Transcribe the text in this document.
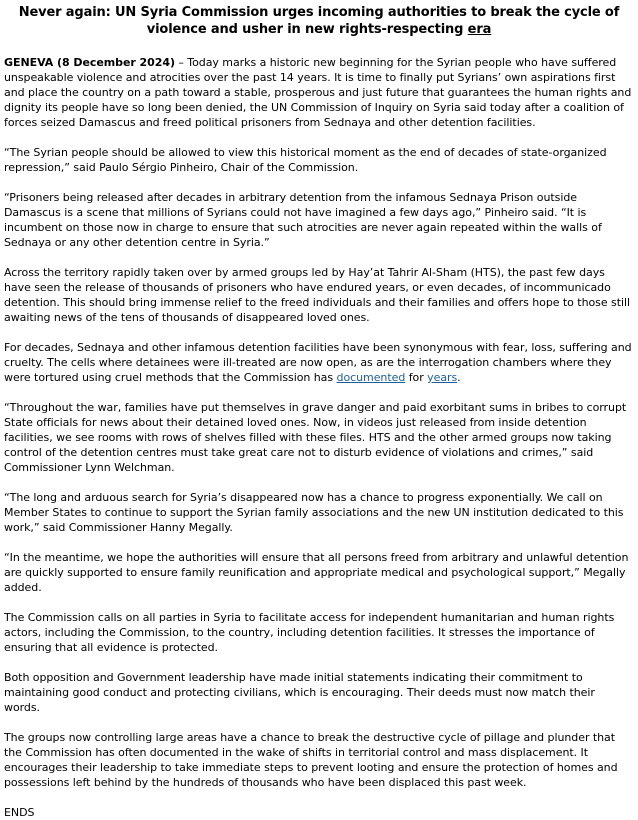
Never again: UN Syria Commission urges incoming authorities to break the cycle of violence and usher in new rights-respecting era

GENEVA (8 December 2024) – Today marks a historic new beginning for the Syrian people who have suffered unspeakable violence and atrocities over the past 14 years. It is time to finally put Syrians’ own aspirations first and place the country on a path toward a stable, prosperous and just future that guarantees the human rights and dignity its people have so long been denied, the UN Commission of Inquiry on Syria said today after a coalition of forces seized Damascus and freed political prisoners from Sednaya and other detention facilities.

“The Syrian people should be allowed to view this historical moment as the end of decades of state-organized repression,” said Paulo Sérgio Pinheiro, Chair of the Commission.

“Prisoners being released after decades in arbitrary detention from the infamous Sednaya Prison outside Damascus is a scene that millions of Syrians could not have imagined a few days ago,” Pinheiro said. “It is incumbent on those now in charge to ensure that such atrocities are never again repeated within the walls of Sednaya or any other detention centre in Syria.”

Across the territory rapidly taken over by armed groups led by Hay’at Tahrir Al-Sham (HTS), the past few days have seen the release of thousands of prisoners who have endured years, or even decades, of incommunicado detention. This should bring immense relief to the freed individuals and their families and offers hope to those still awaiting news of the tens of thousands of disappeared loved ones.

For decades, Sednaya and other infamous detention facilities have been synonymous with fear, loss, suffering and cruelty. The cells where detainees were ill-treated are now open, as are the interrogation chambers where they were tortured using cruel methods that the Commission has documented for years.

“Throughout the war, families have put themselves in grave danger and paid exorbitant sums in bribes to corrupt State officials for news about their detained loved ones. Now, in videos just released from inside detention facilities, we see rooms with rows of shelves filled with these files. HTS and the other armed groups now taking control of the detention centres must take great care not to disturb evidence of violations and crimes,” said Commissioner Lynn Welchman.

“The long and arduous search for Syria’s disappeared now has a chance to progress exponentially. We call on Member States to continue to support the Syrian family associations and the new UN institution dedicated to this work,” said Commissioner Hanny Megally.

“In the meantime, we hope the authorities will ensure that all persons freed from arbitrary and unlawful detention are quickly supported to ensure family reunification and appropriate medical and psychological support,” Megally added.

The Commission calls on all parties in Syria to facilitate access for independent humanitarian and human rights actors, including the Commission, to the country, including detention facilities. It stresses the importance of ensuring that all evidence is protected.

Both opposition and Government leadership have made initial statements indicating their commitment to maintaining good conduct and protecting civilians, which is encouraging. Their deeds must now match their words.

The groups now controlling large areas have a chance to break the destructive cycle of pillage and plunder that the Commission has often documented in the wake of shifts in territorial control and mass displacement. It encourages their leadership to take immediate steps to prevent looting and ensure the protection of homes and possessions left behind by the hundreds of thousands who have been displaced this past week.

ENDS
